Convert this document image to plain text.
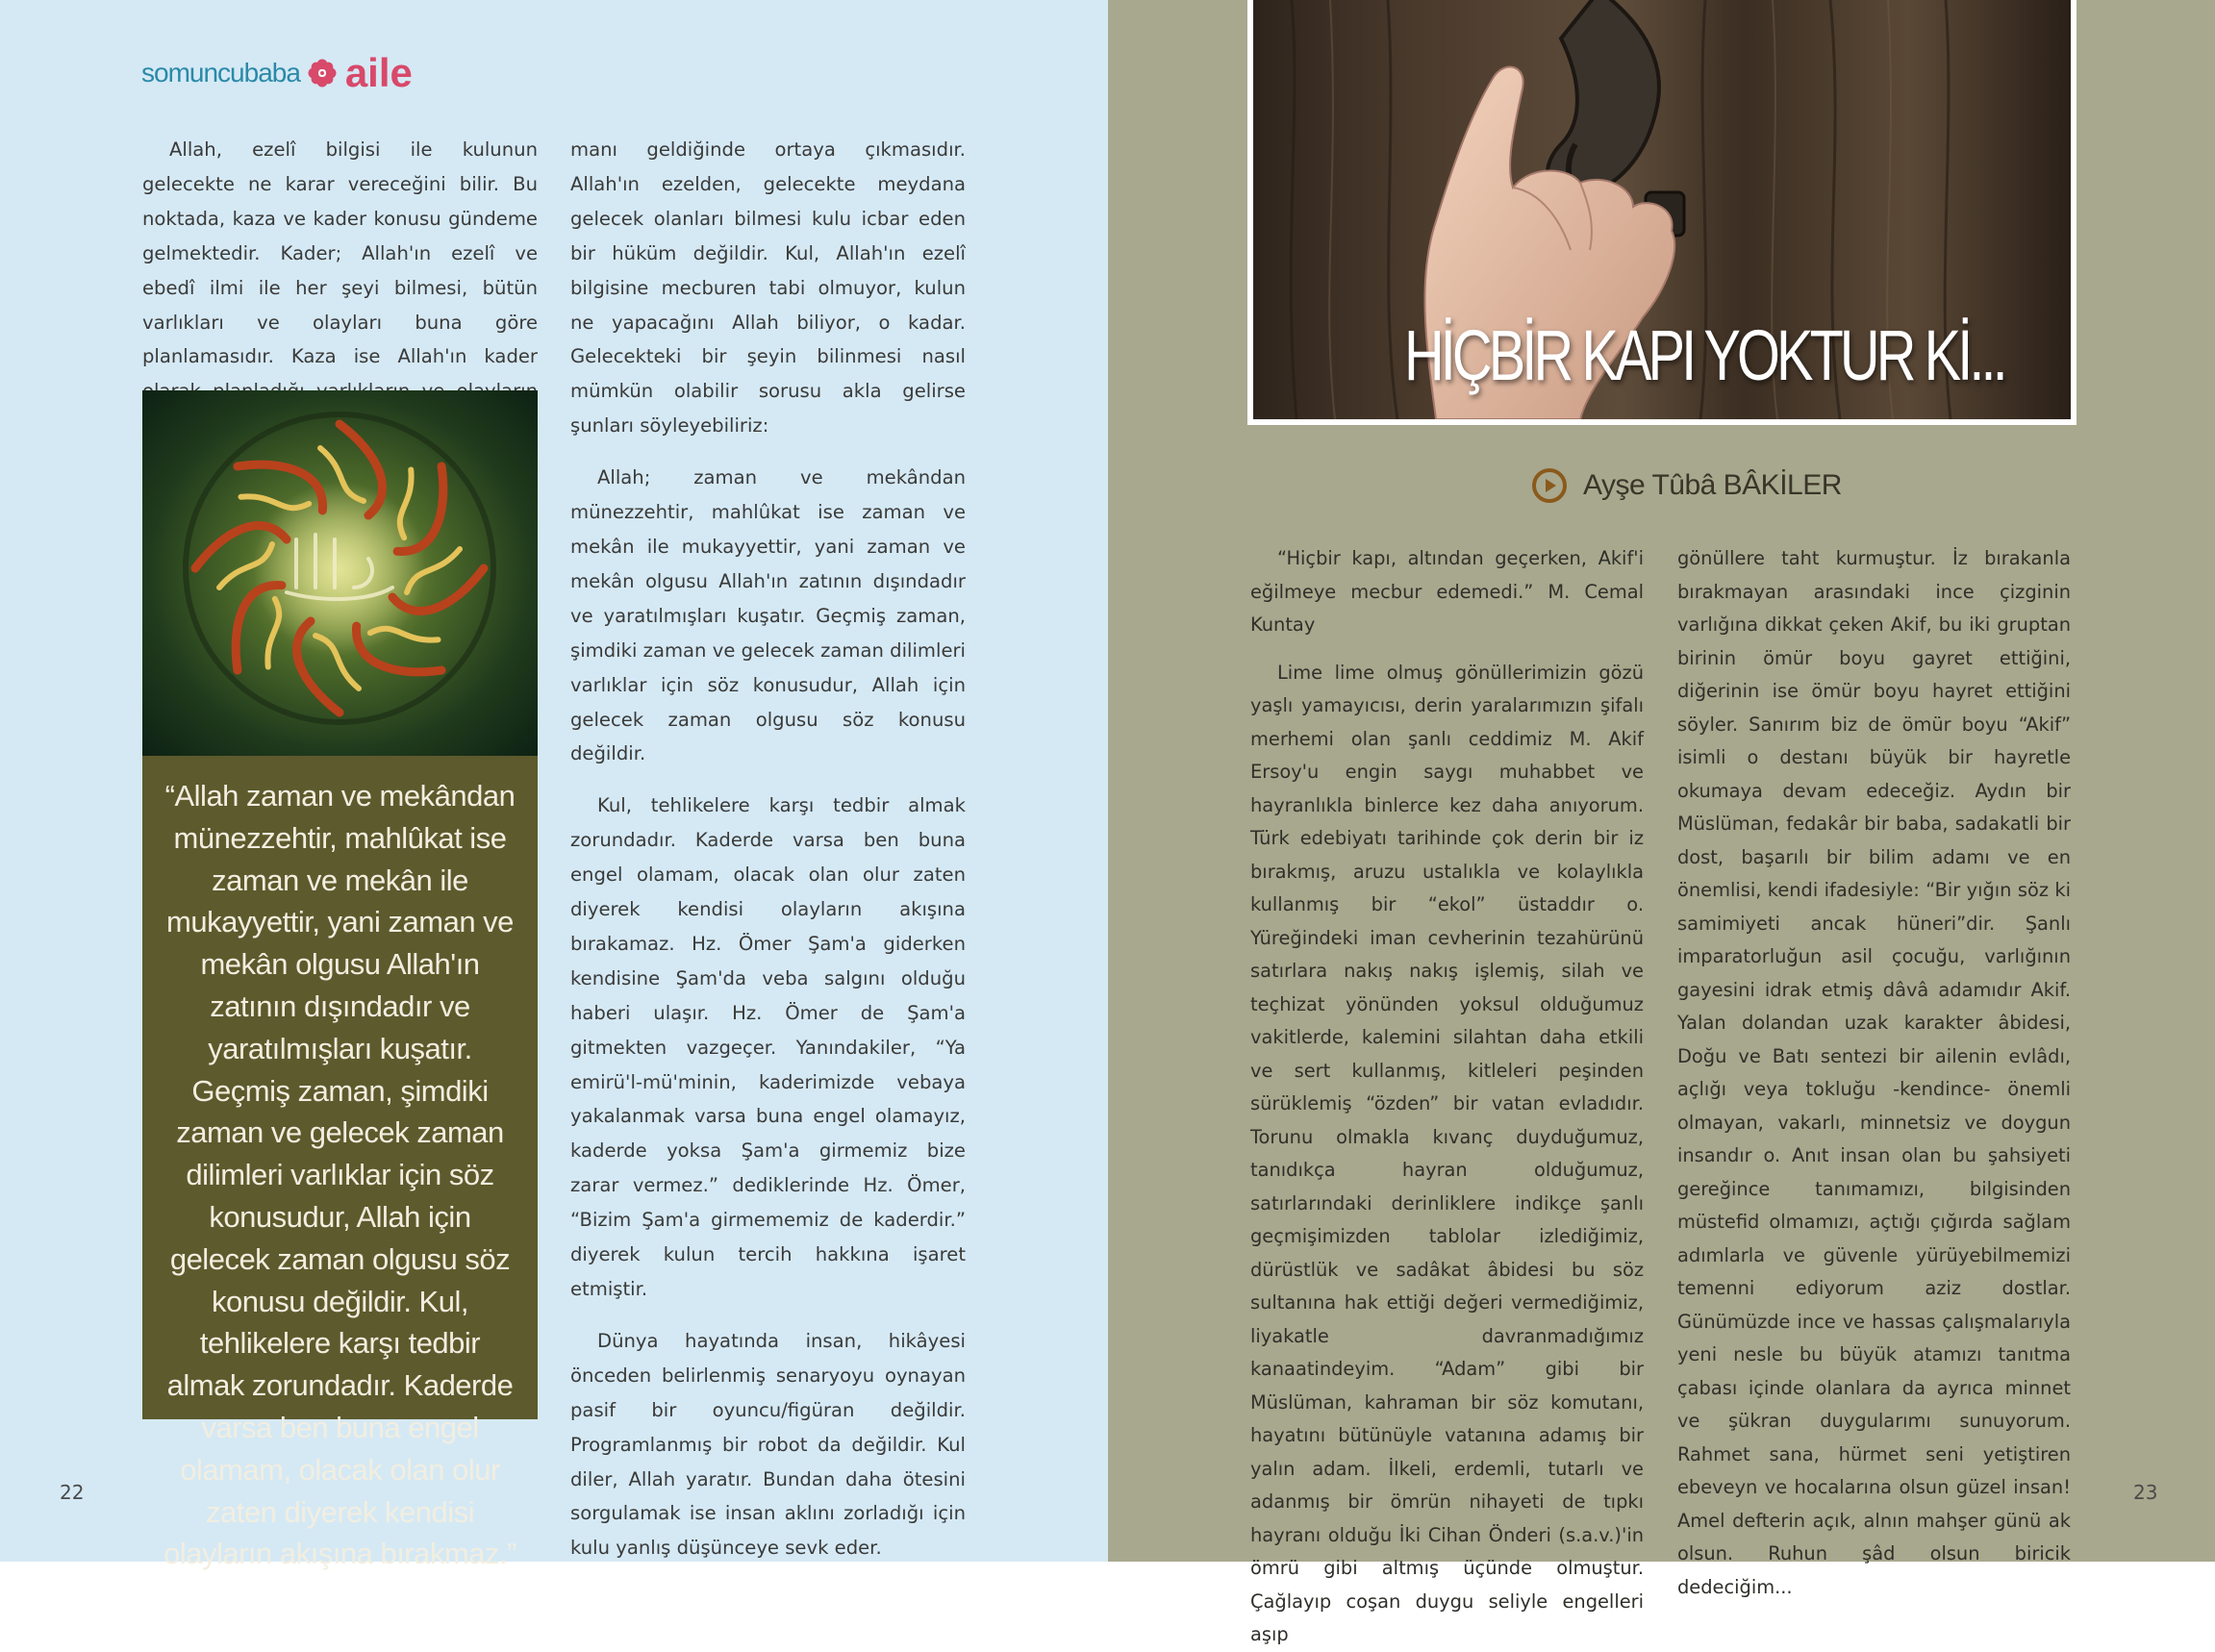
somuncubaba aile

Allah, ezelî bilgisi ile kulunun gelecekte ne karar vereceğini bilir. Bu noktada, kaza ve kader konusu gündeme gelmektedir. Kader; Allah'ın ezelî ve ebedî ilmi ile her şeyi bilmesi, bütün varlıkları ve olayları buna göre planlamasıdır. Kaza ise Allah'ın kader

“Allah zaman ve mekândan münezzehtir, mahlûkat ise zaman ve mekân ile mukayyettir, yani zaman ve mekân olgusu Allah'ın zatının dışındadır ve yaratılmışları kuşatır. Geçmiş zaman, şimdiki zaman ve gelecek zaman dilimleri varlıklar için söz konusudur, Allah için gelecek zaman olgusu söz konusu değildir. Kul, tehlikelere karşı tedbir almak zorundadır. Kaderde varsa ben buna engel olamam, olacak olan olur zaten diyerek kendisi olayların akışına bırakmaz.”

manı geldiğinde ortaya çıkmasıdır. Allah'ın ezelden, gelecekte meydana gelecek olanları bilmesi kulu icbar eden bir hüküm değildir. Kul, Allah'ın ezelî bilgisine mecburen tabi olmuyor, kulun ne yapacağını Allah biliyor, o kadar. Gelecekteki bir şeyin bilinmesi nasıl mümkün olabilir sorusu akla gelirse şunları söyleyebiliriz:

Allah; zaman ve mekândan münezzehtir, mahlûkat ise zaman ve mekân ile mukayyettir, yani zaman ve mekân olgusu Allah'ın zatının dışındadır ve yaratılmışları kuşatır. Geçmiş zaman, şimdiki zaman ve gelecek zaman dilimleri varlıklar için söz konusudur, Allah için gelecek zaman olgusu söz konusu değildir.

Kul, tehlikelere karşı tedbir almak zorundadır. Kaderde varsa ben buna engel olamam, olacak olan olur zaten diyerek kendisi olayların akışına bırakamaz. Hz. Ömer Şam'a giderken kendisine Şam'da veba salgını olduğu haberi ulaşır. Hz. Ömer de Şam'a gitmekten vazgeçer. Yanındakiler, “Ya emirü'l-mü'minin, kaderimizde vebaya yakalanmak varsa buna engel olamayız, kaderde yoksa Şam'a girmemiz bize zarar vermez.” dediklerinde Hz. Ömer, “Bizim Şam'a girmememiz de kaderdir.” diyerek kulun tercih hakkına işaret etmiştir.

Dünya hayatında insan, hikâyesi önceden belirlenmiş senaryoyu oynayan pasif bir oyuncu/figüran değildir. Programlanmış bir robot da değildir. Kul diler, Allah yaratır. Bundan daha ötesini sorgulamak ise insan aklını zorladığı için kulu yanlış düşünceye sevk eder.

22	23
HİÇBİR KAPI YOKTUR Kİ...
Ayşe Tûbâ BÂKİLER

“Hiçbir kapı, altından geçerken, Akif'i eğilmeye mecbur edemedi.” M. Cemal Kuntay

Lime lime olmuş gönüllerimizin gözü yaşlı yamayıcısı, derin yaralarımızın şifalı merhemi olan şanlı ceddimiz M. Akif Ersoy'u engin saygı muhabbet ve hayranlıkla binlerce kez daha anıyorum. Türk edebiyatı tarihinde çok derin bir iz bırakmış, aruzu ustalıkla ve kolaylıkla kullanmış bir “ekol” üstaddır o. Yüreğindeki iman cevherinin tezahürünü satırlara nakış nakış işlemiş, silah ve teçhizat yönünden yoksul olduğumuz vakitlerde, kalemini silahtan daha etkili ve sert kullanmış, kitleleri peşinden sürüklemiş “özden” bir vatan evladıdır. Torunu olmakla kıvanç duyduğumuz, tanıdıkça hayran olduğumuz, satırlarındaki derinliklere indikçe şanlı geçmişimizden tablolar izlediğimiz, dürüstlük ve sadâkat âbidesi bu söz sultanına hak ettiği değeri vermediğimiz, liyakatle davranmadığımız kanaatindeyim. “Adam” gibi bir Müslüman, kahraman bir söz komutanı, hayatını bütünüyle vatanına adamış bir yalın adam. İlkeli, erdemli, tutarlı ve adanmış bir ömrün nihayeti de tıpkı hayranı olduğu İki Cihan Önderi (s.a.v.)'in ömrü gibi altmış üçünde olmuştur. Çağlayıp coşan duygu seliyle engelleri aşıp

gönüllere taht kurmuştur. İz bırakanla bırakmayan arasındaki ince çizginin varlığına dikkat çeken Akif, bu iki gruptan birinin ömür boyu gayret ettiğini, diğerinin ise ömür boyu hayret ettiğini söyler. Sanırım biz de ömür boyu “Akif” isimli o destanı büyük bir hayretle okumaya devam edeceğiz. Aydın bir Müslüman, fedakâr bir baba, sadakatli bir dost, başarılı bir bilim adamı ve en önemlisi, kendi ifadesiyle: “Bir yığın söz ki samimiyeti ancak hüneri”dir. Şanlı imparatorluğun asil çocuğu, varlığının gayesini idrak etmiş dâvâ adamıdır Akif. Yalan dolandan uzak karakter âbidesi, Doğu ve Batı sentezi bir ailenin evlâdı, açlığı veya tokluğu -kendince- önemli olmayan, vakarlı, minnetsiz ve doygun insandır o. Anıt insan olan bu şahsiyeti gereğince tanımamızı, bilgisinden müstefid olmamızı, açtığı çığırda sağlam adımlarla ve güvenle yürüyebilmemizi temenni ediyorum aziz dostlar. Günümüzde ince ve hassas çalışmalarıyla yeni nesle bu büyük atamızı tanıtma çabası içinde olanlara da ayrıca minnet ve şükran duygularımı sunuyorum. Rahmet sana, hürmet seni yetiştiren ebeveyn ve hocalarına olsun güzel insan! Amel defterin açık, alnın mahşer günü ak olsun. Ruhun şâd olsun biricik dedeciğim...
